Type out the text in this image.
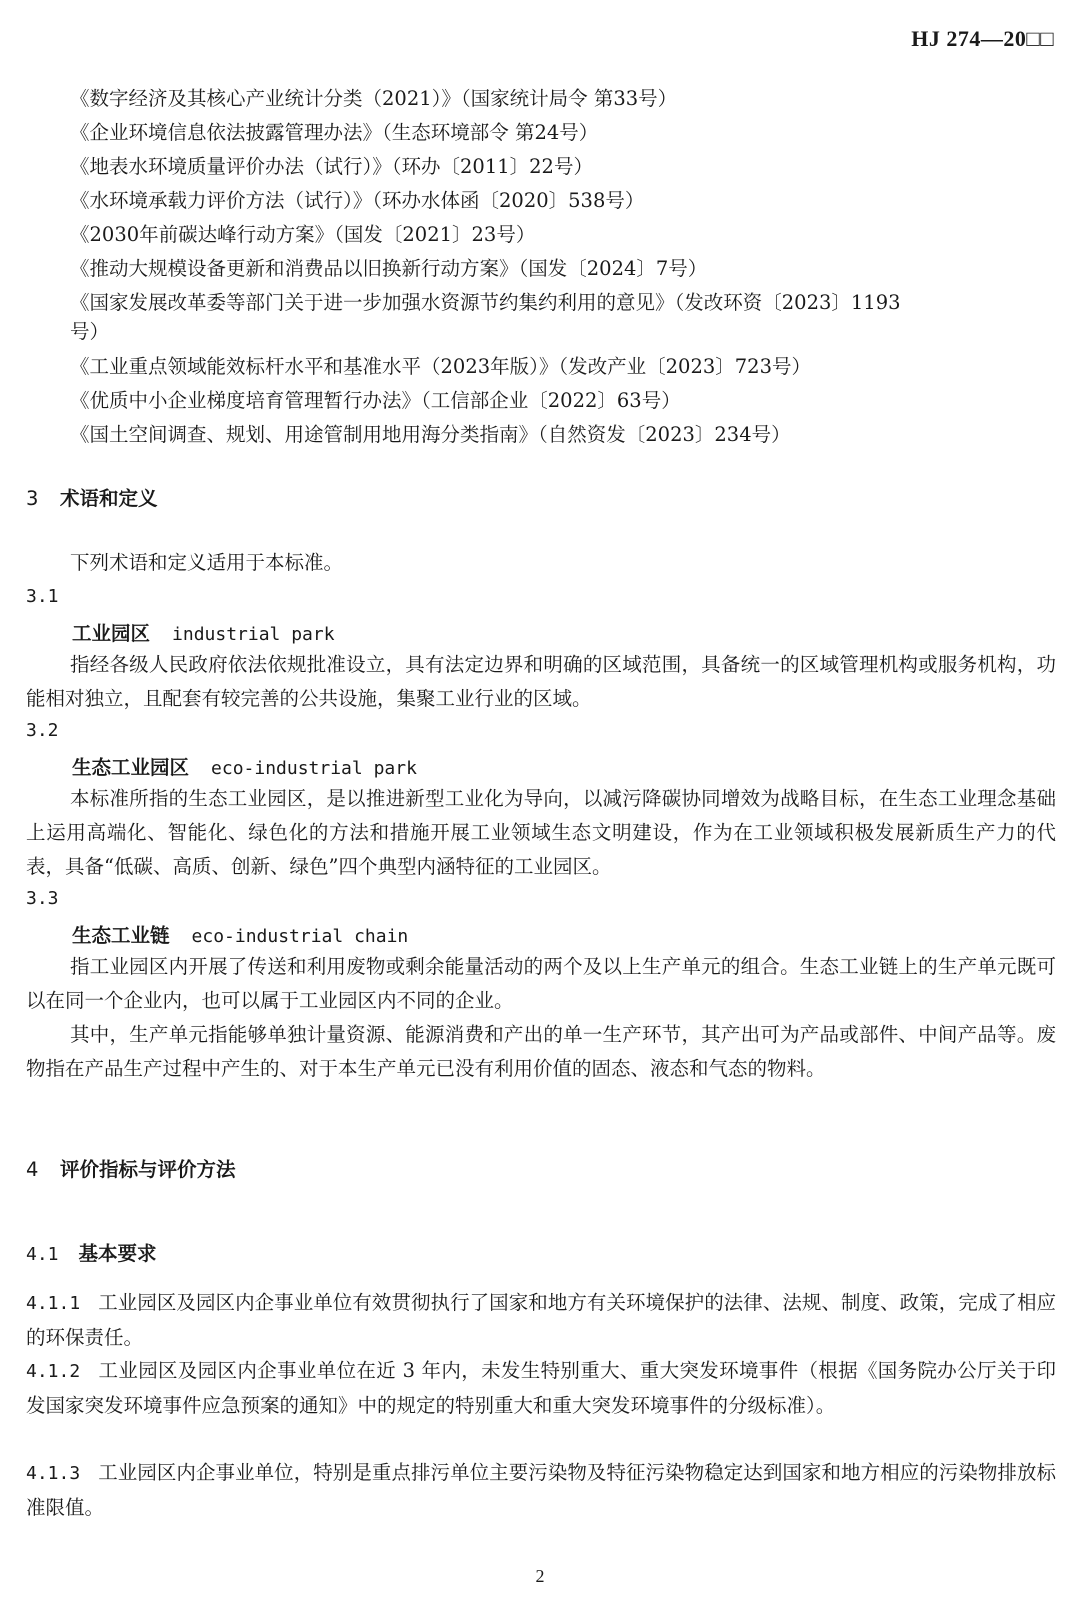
HJ 274—20□□

《数字经济及其核心产业统计分类（2021）》（国家统计局令 第33号）

《企业环境信息依法披露管理办法》（生态环境部令 第24号）

《地表水环境质量评价办法（试行）》（环办〔2011〕22号）

《水环境承载力评价方法（试行）》（环办水体函〔2020〕538号）

《2030年前碳达峰行动方案》（国发〔2021〕23号）

《推动大规模设备更新和消费品以旧换新行动方案》（国发〔2024〕7号）

《国家发展改革委等部门关于进一步加强水资源节约集约利用的意见》（发改环资〔2023〕1193

号）

《工业重点领域能效标杆水平和基准水平（2023年版）》（发改产业〔2023〕723号）

《优质中小企业梯度培育管理暂行办法》（工信部企业〔2022〕63号）

《国土空间调查、规划、用途管制用地用海分类指南》（自然资发〔2023〕234号）

3 术语和定义
下列术语和定义适用于本标准。
3.1
工业园区 industrial park
指经各级人民政府依法依规批准设立，具有法定边界和明确的区域范围，具备统一的区域管理机构或服务机构，功能相对独立，且配套有较完善的公共设施，集聚工业行业的区域。
3.2
生态工业园区 eco-industrial park
本标准所指的生态工业园区，是以推进新型工业化为导向，以减污降碳协同增效为战略目标，在生态工业理念基础上运用高端化、智能化、绿色化的方法和措施开展工业领域生态文明建设，作为在工业领域积极发展新质生产力的代表，具备“低碳、高质、创新、绿色”四个典型内涵特征的工业园区。
3.3
生态工业链 eco-industrial chain
指工业园区内开展了传送和利用废物或剩余能量活动的两个及以上生产单元的组合。生态工业链上的生产单元既可以在同一个企业内，也可以属于工业园区内不同的企业。
其中，生产单元指能够单独计量资源、能源消费和产出的单一生产环节，其产出可为产品或部件、中间产品等。废物指在产品生产过程中产生的、对于本生产单元已没有利用价值的固态、液态和气态的物料。
4 评价指标与评价方法
4.1 基本要求
4.1.1 工业园区及园区内企事业单位有效贯彻执行了国家和地方有关环境保护的法律、法规、制度、政策，完成了相应的环保责任。
4.1.2 工业园区及园区内企事业单位在近 3 年内，未发生特别重大、重大突发环境事件（根据《国务院办公厅关于印发国家突发环境事件应急预案的通知》中的规定的特别重大和重大突发环境事件的分级标准）。
4.1.3 工业园区内企事业单位，特别是重点排污单位主要污染物及特征污染物稳定达到国家和地方相应的污染物排放标准限值。
2
